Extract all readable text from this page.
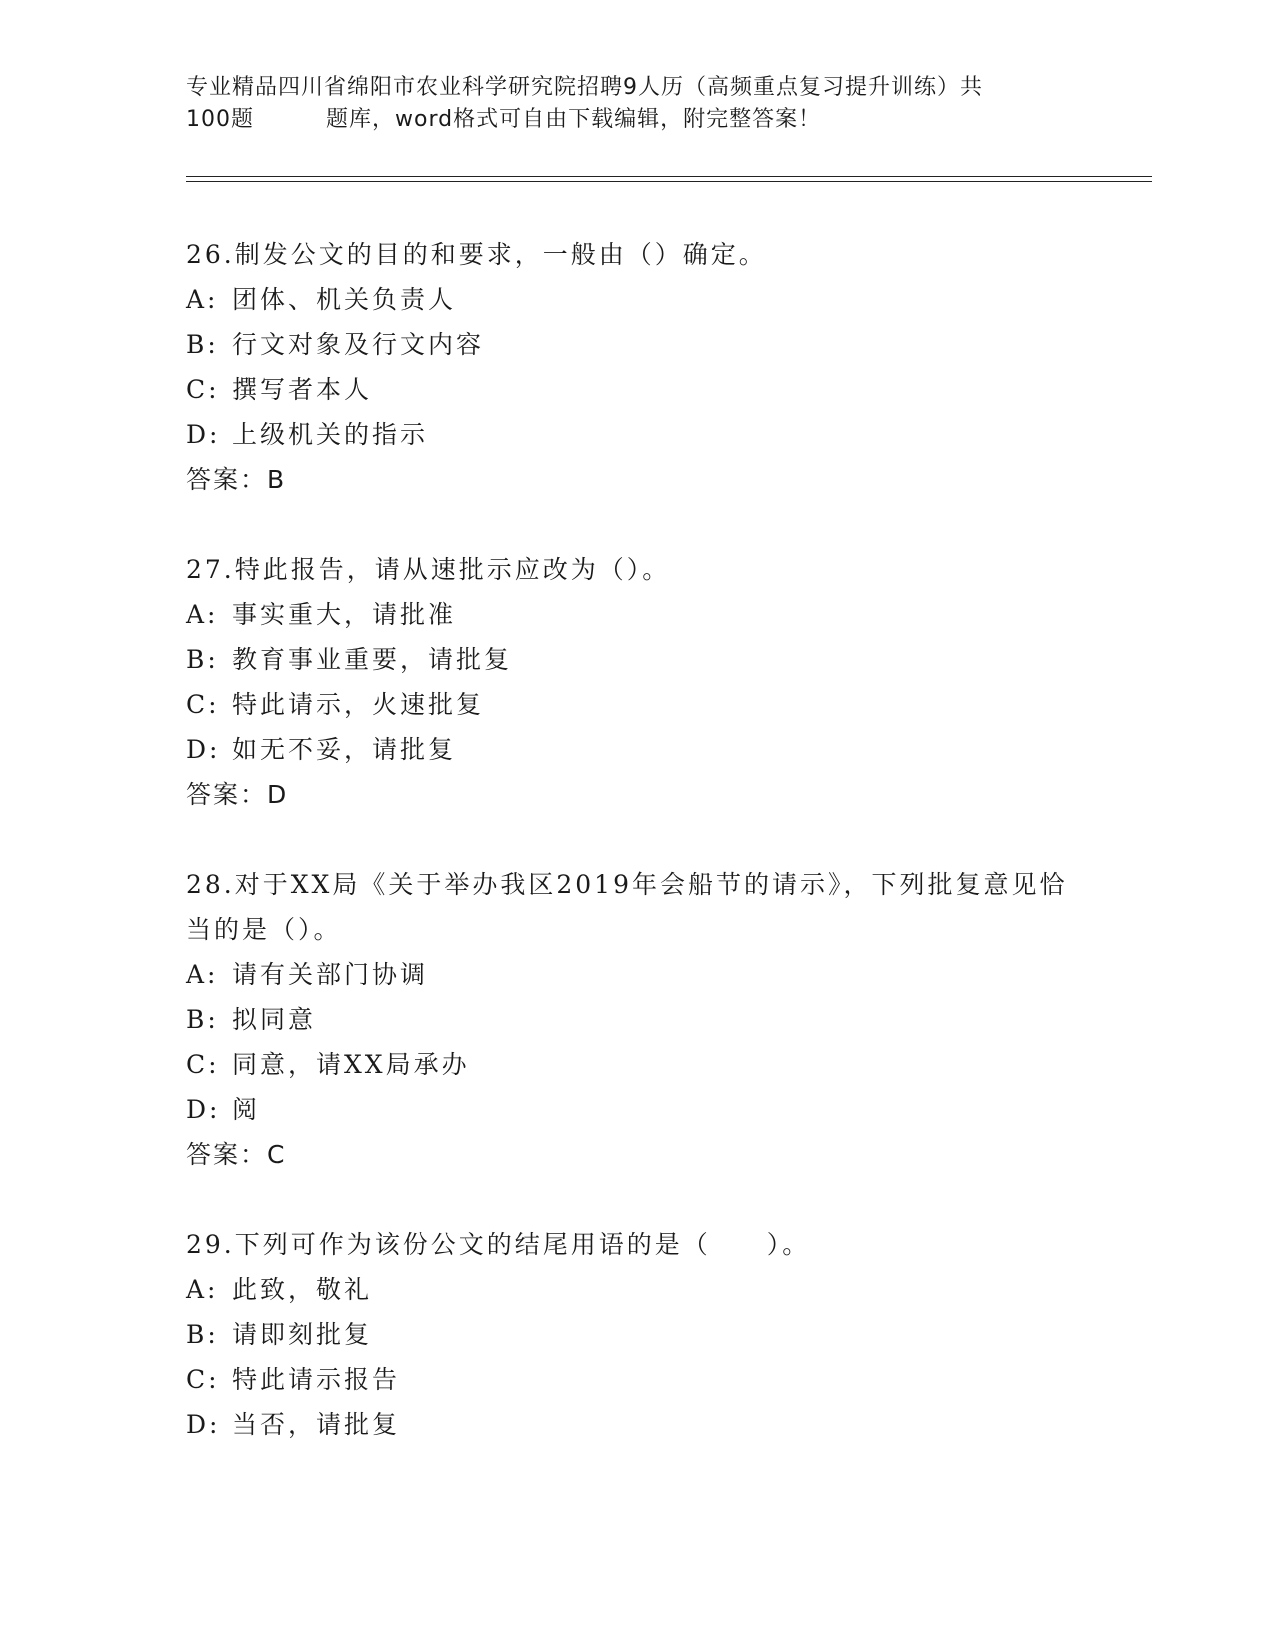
专业精品四川省绵阳市农业科学研究院招聘9人历（高频重点复习提升训练）共
100题	题库，word格式可自由下载编辑，附完整答案！
26.制发公文的目的和要求，一般由（）确定。
A: 团体、机关负责人
B: 行文对象及行文内容
C: 撰写者本人
D: 上级机关的指示
答案：B
27.特此报告，请从速批示应改为（）。
A: 事实重大，请批准
B: 教育事业重要，请批复
C: 特此请示，火速批复
D: 如无不妥，请批复
答案：D
28.对于XX局《关于举办我区2019年会船节的请示》，下列批复意见恰当的是（）。
A: 请有关部门协调
B: 拟同意
C: 同意，请XX局承办
D: 阅
答案：C
29.下列可作为该份公文的结尾用语的是（　　）。
A: 此致，敬礼
B: 请即刻批复
C: 特此请示报告
D: 当否，请批复
